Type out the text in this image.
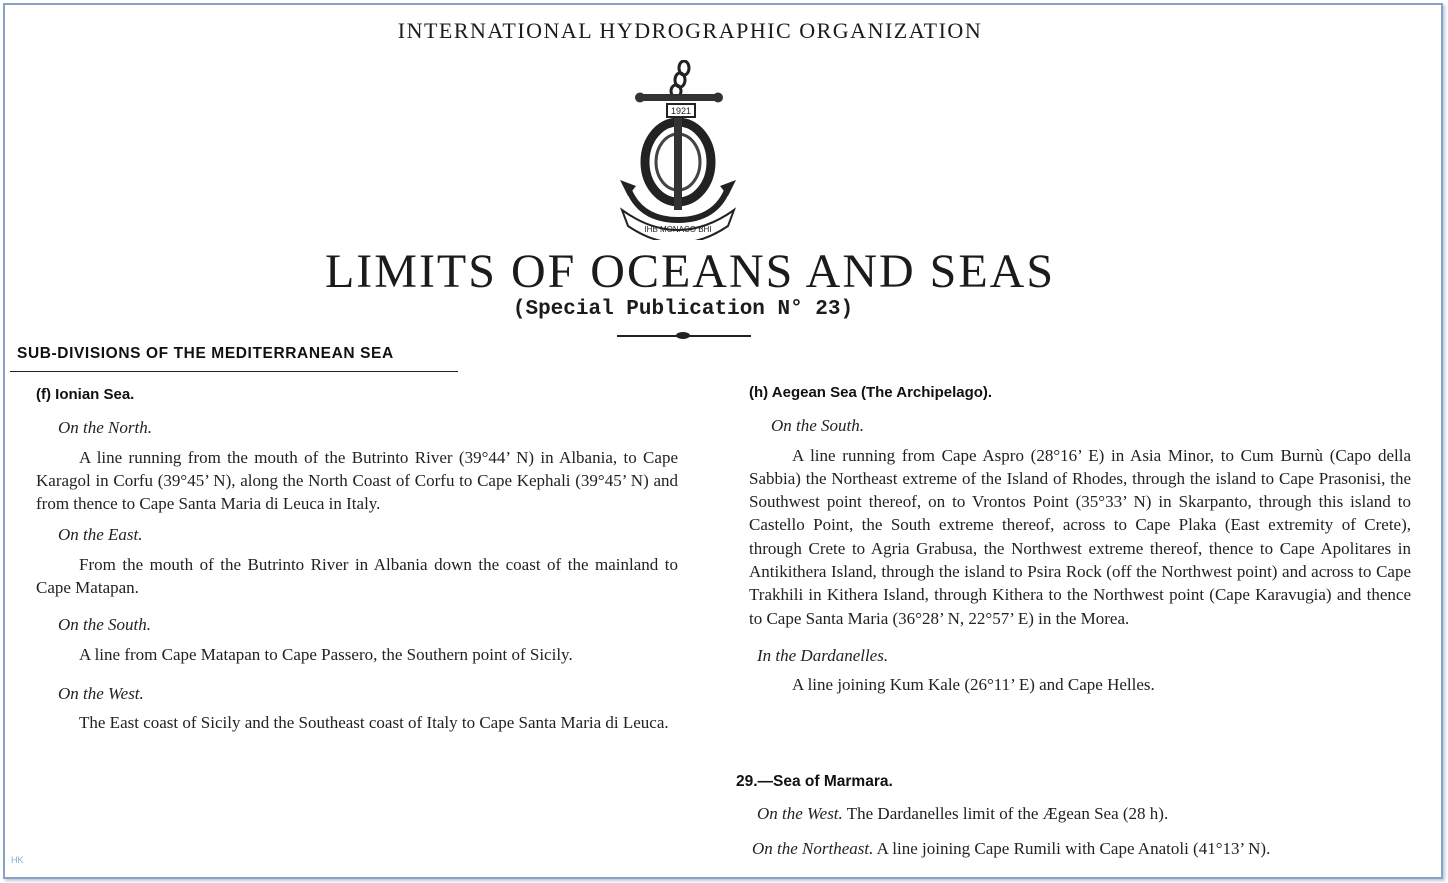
INTERNATIONAL HYDROGRAPHIC ORGANIZATION
1921
IHB MONACO BHI
LIMITS OF OCEANS AND SEAS
(Special Publication N° 23)
SUB-DIVISIONS OF THE MEDITERRANEAN SEA
(f) Ionian Sea.
On the North.
A line running from the mouth of the Butrinto River (39°44’ N) in Albania, to Cape Karagol in Corfu (39°45’ N), along the North Coast of Corfu to Cape Kephali (39°45’ N) and from thence to Cape Santa Maria di Leuca in Italy.
On the East.
From the mouth of the Butrinto River in Albania down the coast of the mainland to Cape Matapan.
On the South.
A line from Cape Matapan to Cape Passero, the Southern point of Sicily.
On the West.
The East coast of Sicily and the Southeast coast of Italy to Cape Santa Maria di Leuca.
(h) Aegean Sea (The Archipelago).
On the South.
A line running from Cape Aspro (28°16’ E) in Asia Minor, to Cum Burnù (Capo della Sabbia) the Northeast extreme of the Island of Rhodes, through the island to Cape Prasonisi, the Southwest point thereof, on to Vrontos Point (35°33’ N) in Skarpanto, through this island to Castello Point, the South extreme thereof, across to Cape Plaka (East extremity of Crete), through Crete to Agria Grabusa, the Northwest extreme thereof, thence to Cape Apolitares in Antikithera Island, through the island to Psira Rock (off the Northwest point) and across to Cape Trakhili in Kithera Island, through Kithera to the Northwest point (Cape Karavugia) and thence to Cape Santa Maria (36°28’ N, 22°57’ E) in the Morea.
In the Dardanelles.
A line joining Kum Kale (26°11’ E) and Cape Helles.
29.—Sea of Marmara.
On the West. The Dardanelles limit of the Ægean Sea (28 h).
On the Northeast. A line joining Cape Rumili with Cape Anatoli (41°13’ N).
HK
